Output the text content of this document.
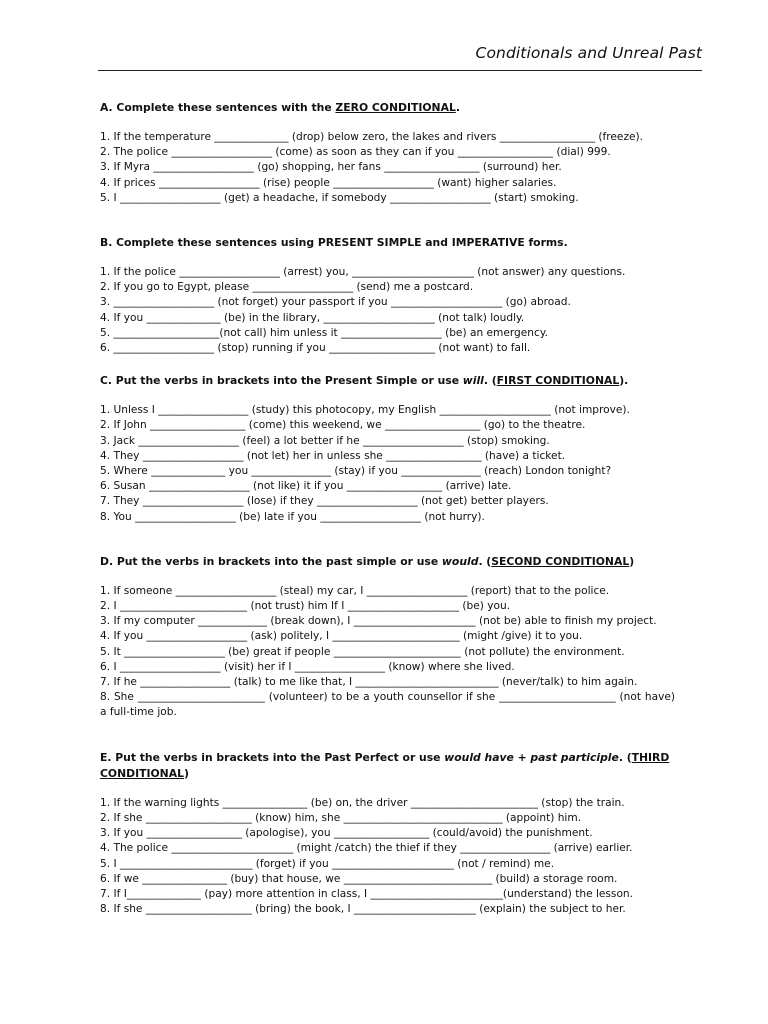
Conditionals and Unreal Past
A. Complete these sentences with the ZERO CONDITIONAL.
1. If the temperature ______________ (drop) below zero, the lakes and rivers __________________ (freeze).
2. The police ___________________ (come) as soon as they can if you __________________ (dial) 999.
3. If Myra ___________________ (go) shopping, her fans __________________ (surround) her.
4. If prices ___________________ (rise) people ___________________ (want) higher salaries.
5. I ___________________ (get) a headache, if somebody ___________________ (start) smoking.
B. Complete these sentences using PRESENT SIMPLE and IMPERATIVE forms.
1. If the police ___________________ (arrest) you, _______________________ (not answer) any questions.
2. If you go to Egypt, please ___________________ (send) me a postcard.
3. ___________________ (not forget) your passport if you _____________________ (go) abroad.
4. If you ______________ (be) in the library, _____________________ (not talk) loudly.
5. ____________________(not call) him unless it ___________________ (be) an emergency.
6. ___________________ (stop) running if you ____________________ (not want) to fall.
C. Put the verbs in brackets into the Present Simple or use will. (FIRST CONDITIONAL).
1. Unless I _________________ (study) this photocopy, my English _____________________ (not improve).
2. If John __________________ (come) this weekend, we __________________ (go) to the theatre.
3. Jack ___________________ (feel) a lot better if he ___________________ (stop) smoking.
4. They ___________________ (not let) her in unless she __________________ (have) a ticket.
5. Where ______________ you _______________ (stay) if you _______________ (reach) London tonight?
6. Susan ___________________ (not like) it if you __________________ (arrive) late.
7. They ___________________ (lose) if they ___________________ (not get) better players.
8. You ___________________ (be) late if you ___________________ (not hurry).
D. Put the verbs in brackets into the past simple or use would. (SECOND CONDITIONAL)
1. If someone ___________________ (steal) my car, I ___________________ (report) that to the police.
2. I ________________________ (not trust) him If I _____________________ (be) you.
3. If my computer _____________ (break down), I _______________________ (not be) able to finish my project.
4. If you ___________________ (ask) politely, I ________________________ (might /give) it to you.
5. It ___________________ (be) great if people ________________________ (not pollute) the environment.
6. I ___________________ (visit) her if I _________________ (know) where she lived.
7. If he _________________ (talk) to me like that, I ___________________________ (never/talk) to him again.
8. She ________________________ (volunteer) to be a youth counsellor if she ______________________ (not have) a full-time job.
E. Put the verbs in brackets into the Past Perfect or use would have + past participle. (THIRD CONDITIONAL)
1. If the warning lights ________________ (be) on, the driver ________________________ (stop) the train.
2. If she ____________________ (know) him, she ______________________________ (appoint) him.
3. If you __________________ (apologise), you __________________ (could/avoid) the punishment.
4. The police _______________________ (might /catch) the thief if they _________________ (arrive) earlier.
5. I _________________________ (forget) if you _______________________ (not / remind) me.
6. If we ________________ (buy) that house, we ____________________________ (build) a storage room.
7. If I______________ (pay) more attention in class, I _________________________(understand) the lesson.
8. If she ____________________ (bring) the book, I _______________________ (explain) the subject to her.
